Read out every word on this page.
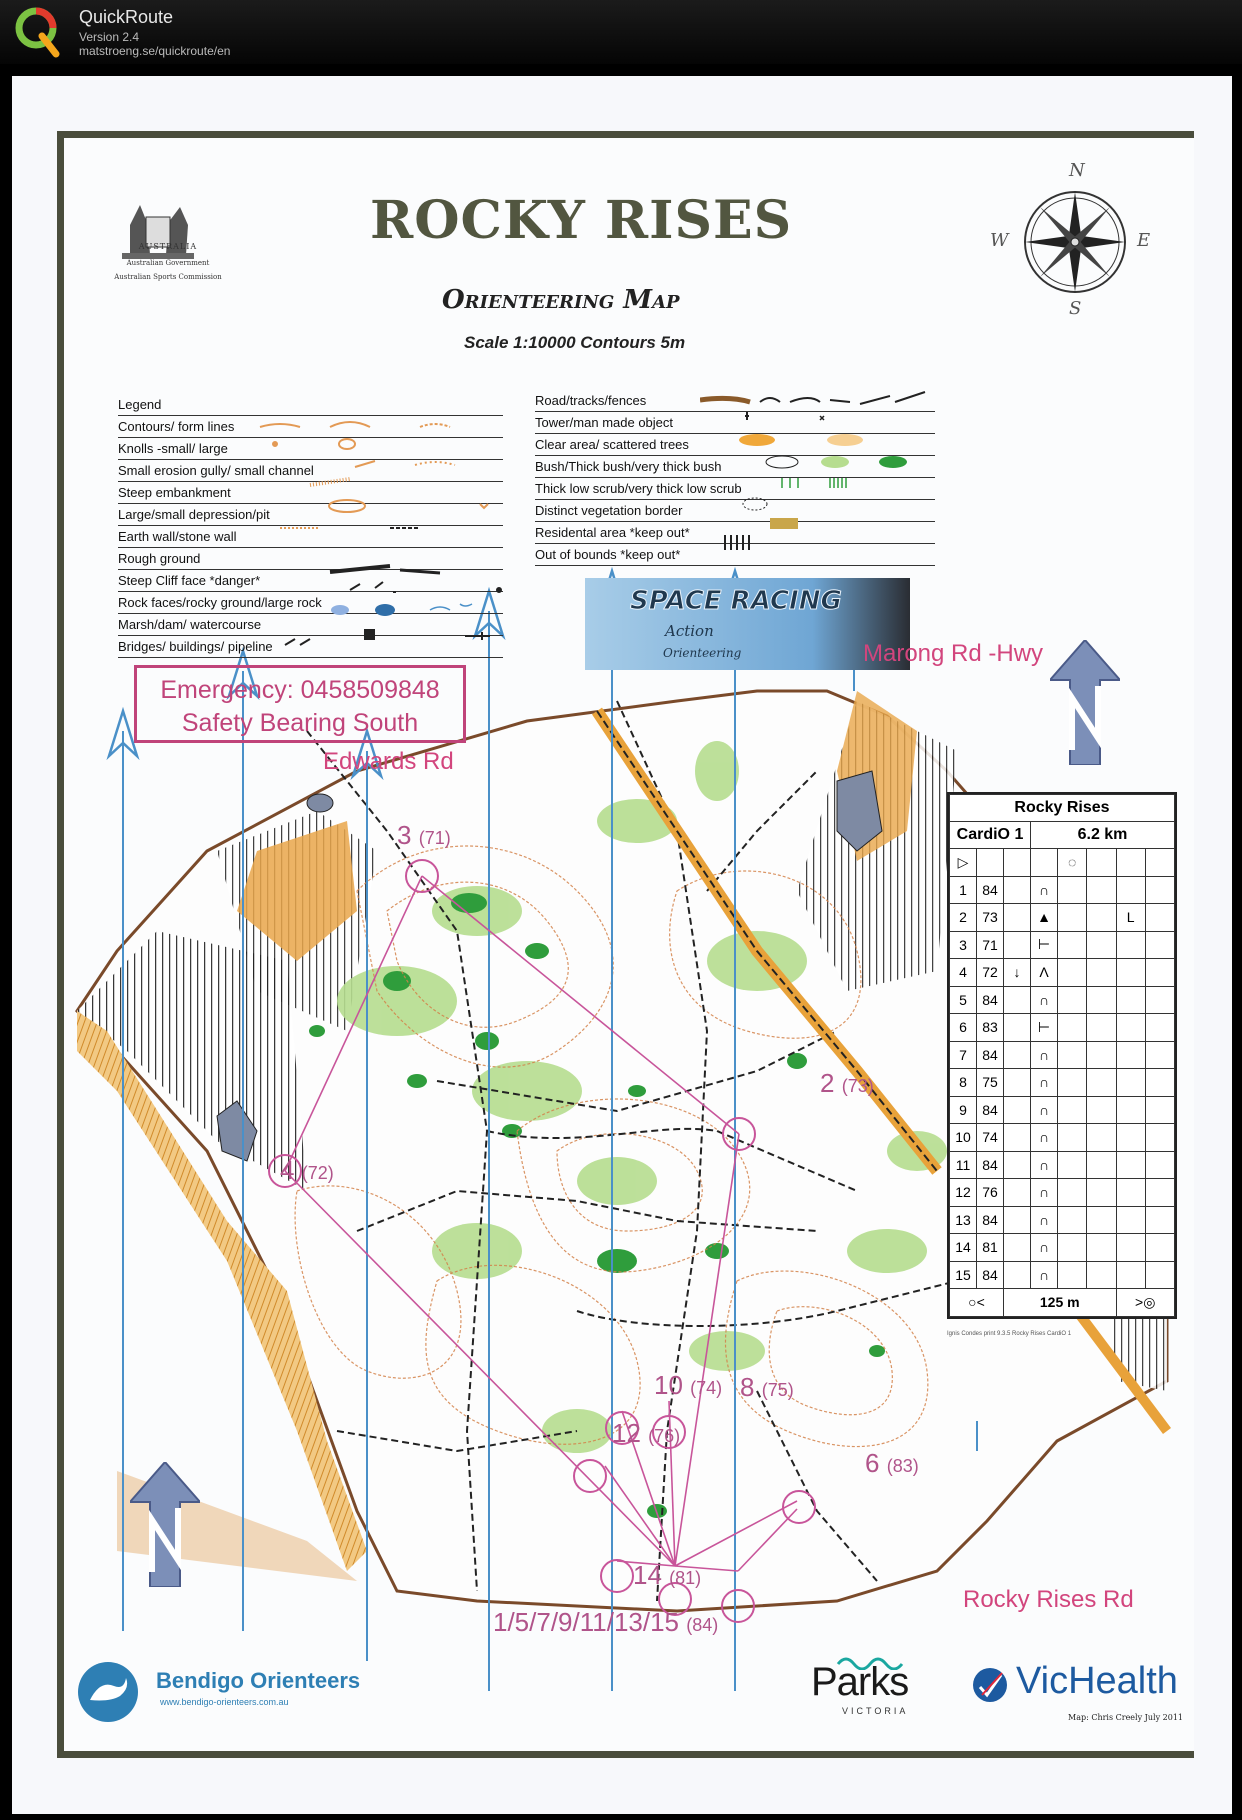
QuickRoute
Version 2.4
matstroeng.se/quickroute/en
AUSTRALIA
Australian Government
Australian Sports Commission
ROCKY RISES
Orienteering Map
Scale 1:10000 Contours 5m
N
E
S
W
Legend
Contours/ form lines
Knolls -small/ large
Small erosion gully/ small channel
Steep embankment
Large/small depression/pit
Earth wall/stone wall
Rough ground
Steep Cliff face *danger*
Rock faces/rocky ground/large rock
Marsh/dam/ watercourse
Bridges/ buildings/ pipeline
Road/tracks/fences
Tower/man made object
Clear area/ scattered trees
Bush/Thick bush/very thick bush
Thick low scrub/very thick low scrub
Distinct vegetation border
Residental area *keep out*
Out of bounds *keep out*
SPACE RACING
Action
Orienteering
Emergency: 0458509848
Safety Bearing South
Marong Rd -Hwy
Edwards Rd
Rocky Rises Rd
3 (71)
2 (73)
4 (72)
10 (74) 8 (75)
12 (76)
6 (83)
14 (81)
1/5/7/9/11/13/15 (84)
Rocky Rises							
CardiO 1			6.2 km				
▷				◌			
1	84		∩				
2	73		▲			L	
3	71		⊢				
4	72	↓	Λ				
5	84		∩				
6	83		⊢				
7	84		∩				
8	75		∩				
9	84		∩				
10	74		∩				
11	84		∩				
12	76		∩				
13	84		∩				
14	81		∩				
15	84		∩				
○<		125 m				>◎	
Ignis Condes print 9.3.5 Rocky Rises CardiO 1
Bendigo Orienteers
www.bendigo-orienteers.com.au	Parks
VICTORIA
VicHealth
Map: Chris Creely July 2011
